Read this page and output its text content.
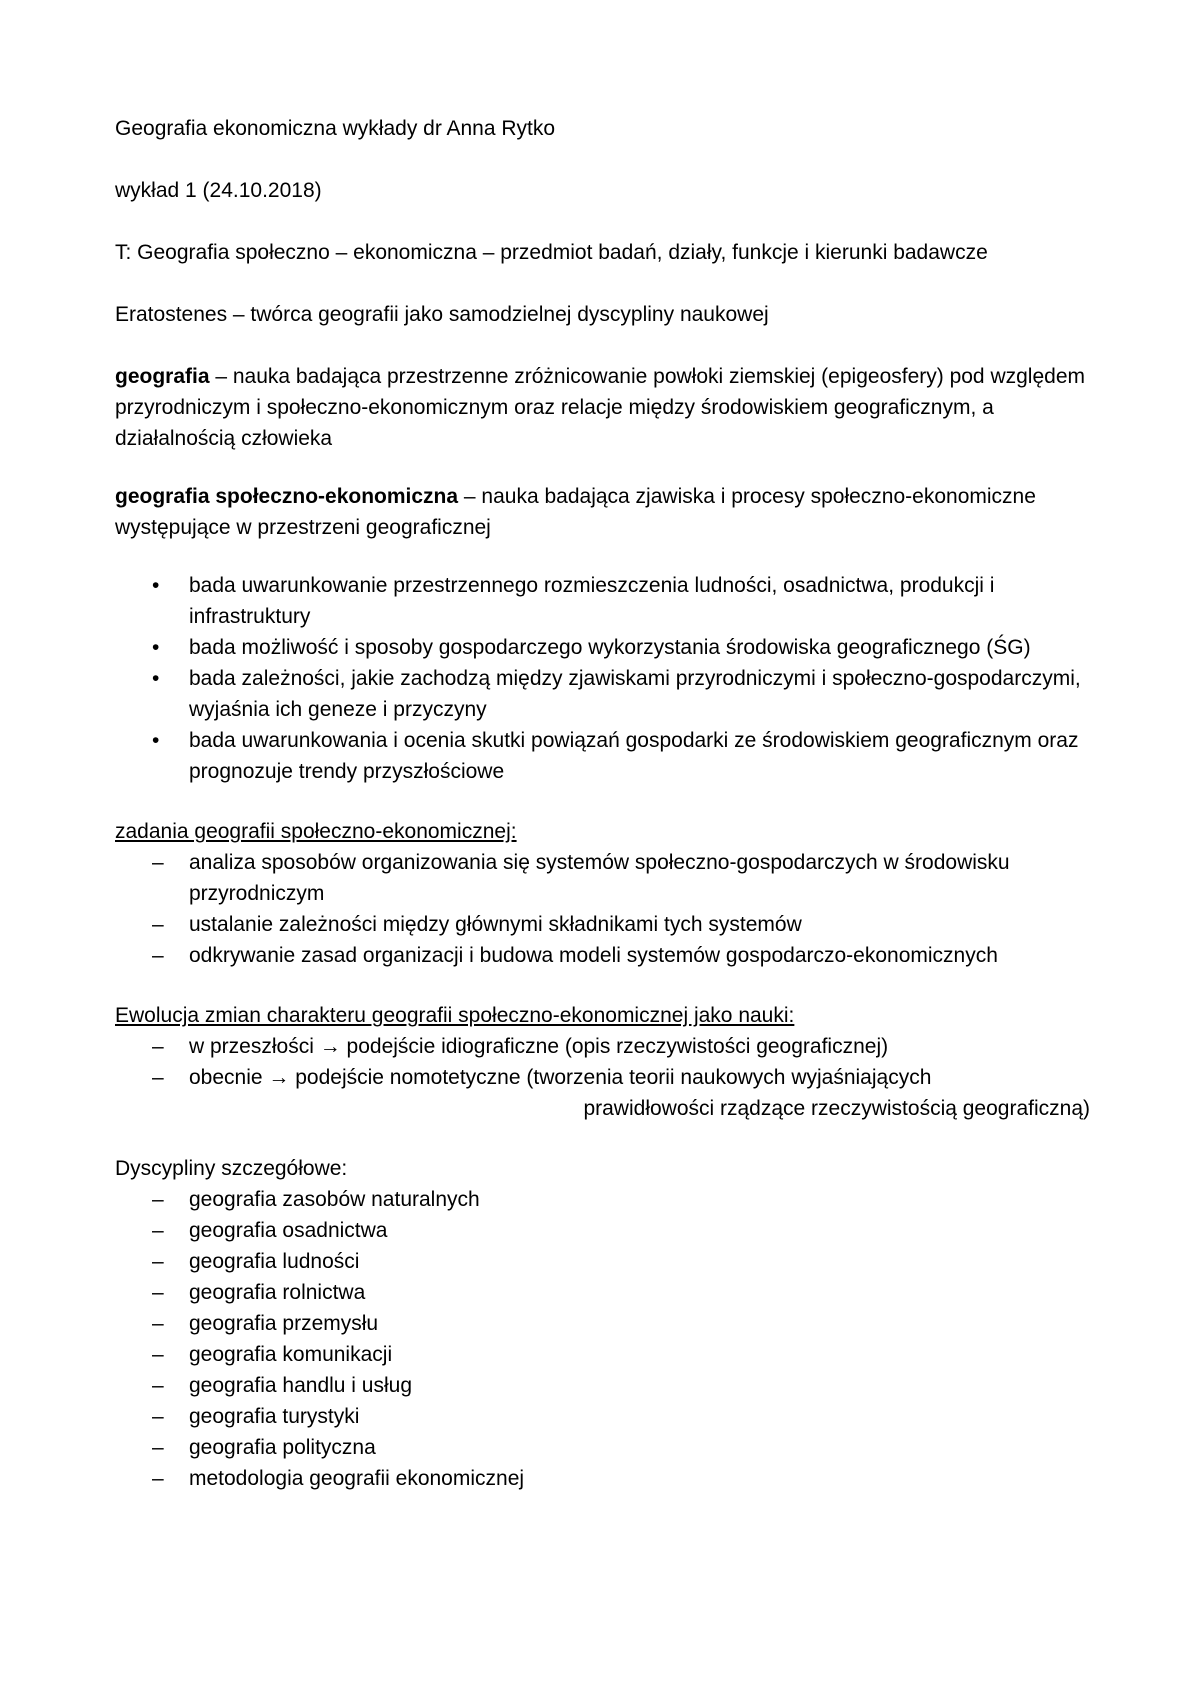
Geografia ekonomiczna wykłady dr Anna Rytko

wykład 1 (24.10.2018)

T: Geografia społeczno – ekonomiczna – przedmiot badań, działy, funkcje i kierunki badawcze

Eratostenes – twórca geografii jako samodzielnej dyscypliny naukowej

geografia – nauka badająca przestrzenne zróżnicowanie powłoki ziemskiej (epigeosfery) pod względem przyrodniczym i społeczno-ekonomicznym oraz relacje między środowiskiem geograficznym, a działalnością człowieka

geografia społeczno-ekonomiczna – nauka badająca zjawiska i procesy społeczno-ekonomiczne występujące w przestrzeni geograficznej

• bada uwarunkowanie przestrzennego rozmieszczenia ludności, osadnictwa, produkcji i infrastruktury
• bada możliwość i sposoby gospodarczego wykorzystania środowiska geograficznego (ŚG)
• bada zależności, jakie zachodzą między zjawiskami przyrodniczymi i społeczno-gospodarczymi, wyjaśnia ich geneze i przyczyny
• bada uwarunkowania i ocenia skutki powiązań gospodarki ze środowiskiem geograficznym oraz prognozuje trendy przyszłościowe

zadania geografii społeczno-ekonomicznej:

– analiza sposobów organizowania się systemów społeczno-gospodarczych w środowisku przyrodniczym
– ustalanie zależności między głównymi składnikami tych systemów
– odkrywanie zasad organizacji i budowa modeli systemów gospodarczo-ekonomicznych

Ewolucja zmian charakteru geografii społeczno-ekonomicznej jako nauki:

– w przeszłości → podejście idiograficzne (opis rzeczywistości geograficznej)
– obecnie → podejście nomotetyczne (tworzenia teorii naukowych wyjaśniających
prawidłowości rządzące rzeczywistością geograficzną)

Dyscypliny szczegółowe:

– geografia zasobów naturalnych
– geografia osadnictwa
– geografia ludności
– geografia rolnictwa
– geografia przemysłu
– geografia komunikacji
– geografia handlu i usług
– geografia turystyki
– geografia polityczna
– metodologia geografii ekonomicznej
